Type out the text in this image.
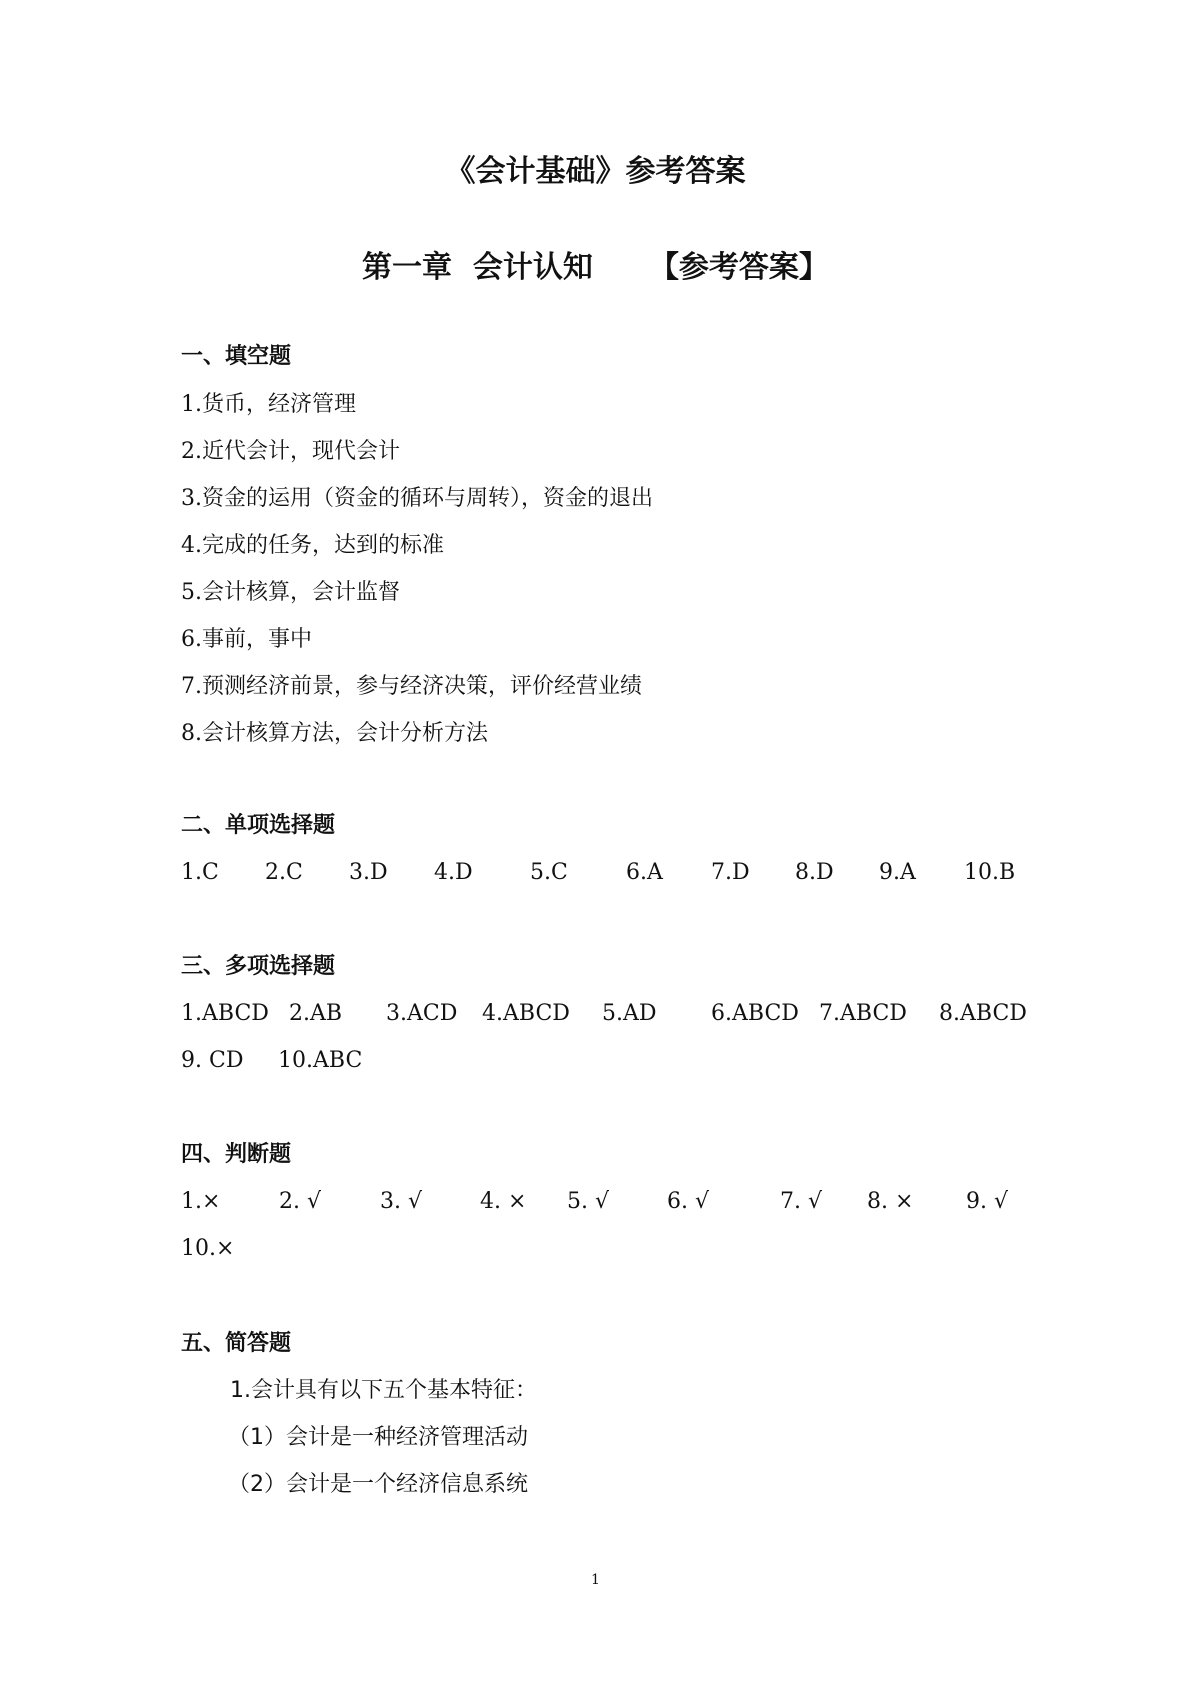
《会计基础》参考答案
第一章  会计认知 【参考答案】
一、填空题
1.货币，经济管理
2.近代会计，现代会计
3.资金的运用（资金的循环与周转），资金的退出
4.完成的任务，达到的标准
5.会计核算，会计监督
6.事前，事中
7.预测经济前景，参与经济决策，评价经营业绩
8.会计核算方法，会计分析方法
二、单项选择题
1.C 2.C 3.D 4.D	5.C	6.A 7.D 8.D 9.A 10.B
三、多项选择题
1.ABCD 2.AB 3.ACD 4.ABCD 5.AD 6.ABCD 7.ABCD 8.ABCD
9. CD 10.ABC
四、判断题
1.×	2. √	3. √	4. × 5. √	6. √	7. √ 8. × 9. √
10.×
五、简答题
1.会计具有以下五个基本特征：
（1）会计是一种经济管理活动
（2）会计是一个经济信息系统
1
